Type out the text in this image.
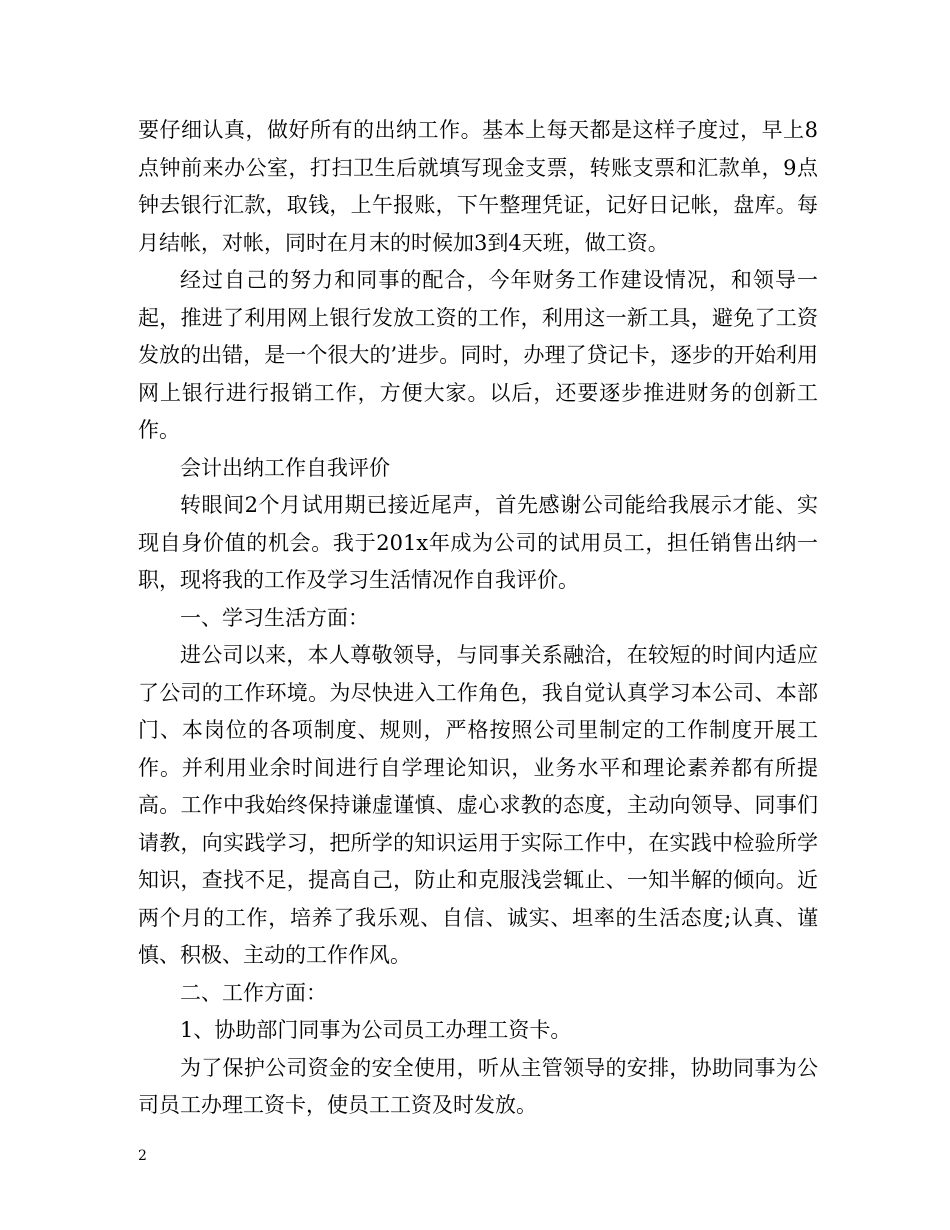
要仔细认真，做好所有的出纳工作。基本上每天都是这样子度过，早上8点钟前来办公室，打扫卫生后就填写现金支票，转账支票和汇款单，9点钟去银行汇款，取钱，上午报账，下午整理凭证，记好日记帐，盘库。每月结帐，对帐，同时在月末的时候加3到4天班，做工资。

经过自己的努力和同事的配合，今年财务工作建设情况，和领导一起，推进了利用网上银行发放工资的工作，利用这一新工具，避免了工资发放的出错，是一个很大的’进步。同时，办理了贷记卡，逐步的开始利用网上银行进行报销工作，方便大家。以后，还要逐步推进财务的创新工作。

会计出纳工作自我评价

转眼间2个月试用期已接近尾声，首先感谢公司能给我展示才能、实现自身价值的机会。我于201x年成为公司的试用员工，担任销售出纳一职，现将我的工作及学习生活情况作自我评价。

一、学习生活方面：

进公司以来，本人尊敬领导，与同事关系融洽，在较短的时间内适应了公司的工作环境。为尽快进入工作角色，我自觉认真学习本公司、本部门、本岗位的各项制度、规则，严格按照公司里制定的工作制度开展工作。并利用业余时间进行自学理论知识，业务水平和理论素养都有所提高。工作中我始终保持谦虚谨慎、虚心求教的态度，主动向领导、同事们请教，向实践学习，把所学的知识运用于实际工作中，在实践中检验所学知识，查找不足，提高自己，防止和克服浅尝辄止、一知半解的倾向。近两个月的工作，培养了我乐观、自信、诚实、坦率的生活态度;认真、谨慎、积极、主动的工作作风。

二、工作方面：

1、协助部门同事为公司员工办理工资卡。

为了保护公司资金的安全使用，听从主管领导的安排，协助同事为公司员工办理工资卡，使员工工资及时发放。

2
